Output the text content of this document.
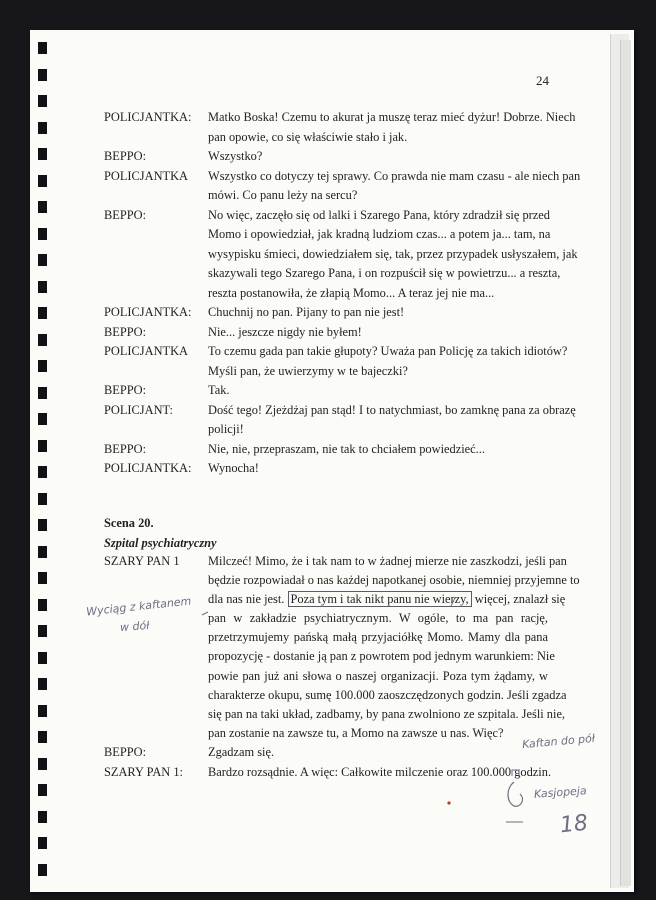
24
POLICJANTKA:	Matko Boska! Czemu to akurat ja muszę teraz mieć dyżur! Dobrze. Niech
pan opowie, co się właściwie stało i jak.
BEPPO:	Wszystko?
POLICJANTKA	Wszystko co dotyczy tej sprawy. Co prawda nie mam czasu - ale niech pan
mówi. Co panu leży na sercu?
BEPPO:	No więc, zaczęło się od lalki i Szarego Pana, który zdradził się przed
Momo i opowiedział, jak kradną ludziom czas... a potem ja... tam, na
wysypisku śmieci, dowiedziałem się, tak, przez przypadek usłyszałem, jak
skazywali tego Szarego Pana, i on rozpuścił się w powietrzu... a reszta,
reszta postanowiła, że złapią Momo... A teraz jej nie ma...
POLICJANTKA:	Chuchnij no pan. Pijany to pan nie jest!
BEPPO:	Nie... jeszcze nigdy nie byłem!
POLICJANTKA	To czemu gada pan takie głupoty? Uważa pan Policję za takich idiotów?
Myśli pan, że uwierzymy w te bajeczki?
BEPPO:	Tak.
POLICJANT:	Dość tego! Zjeżdżaj pan stąd! I to natychmiast, bo zamknę pana za obrazę
policji!
BEPPO:	Nie, nie, przepraszam, nie tak to chciałem powiedzieć...
POLICJANTKA:	Wynocha!
Scena 20.
Szpital psychiatryczny
SZARY PAN 1	Milczeć! Mimo, że i tak nam to w żadnej mierze nie zaszkodzi, jeśli pan
będzie rozpowiadał o nas każdej napotkanej osobie, niemniej przyjemne to
dla nas nie jest. Poza tym i tak nikt panu nie wierzy, więcej, znalazł się
pan w zakładzie psychiatrycznym. W ogóle, to ma pan rację,
przetrzymujemy pańską małą przyjaciółkę Momo. Mamy dla pana
propozycję - dostanie ją pan z powrotem pod jednym warunkiem: Nie
powie pan już ani słowa o naszej organizacji. Poza tym żądamy, w
charakterze okupu, sumę 100.000 zaoszczędzonych godzin. Jeśli zgadza
się pan na taki układ, zadbamy, by pana zwolniono ze szpitala. Jeśli nie,
pan zostanie na zawsze tu, a Momo na zawsze u nas. Więc?
BEPPO:	Zgadzam się.
SZARY PAN 1:	Bardzo rozsądnie. A więc: Całkowite milczenie oraz 100.000 godzin.
Wyciąg z kaftanem
w dół
Kaftan do pół
Kasjopeja
18
